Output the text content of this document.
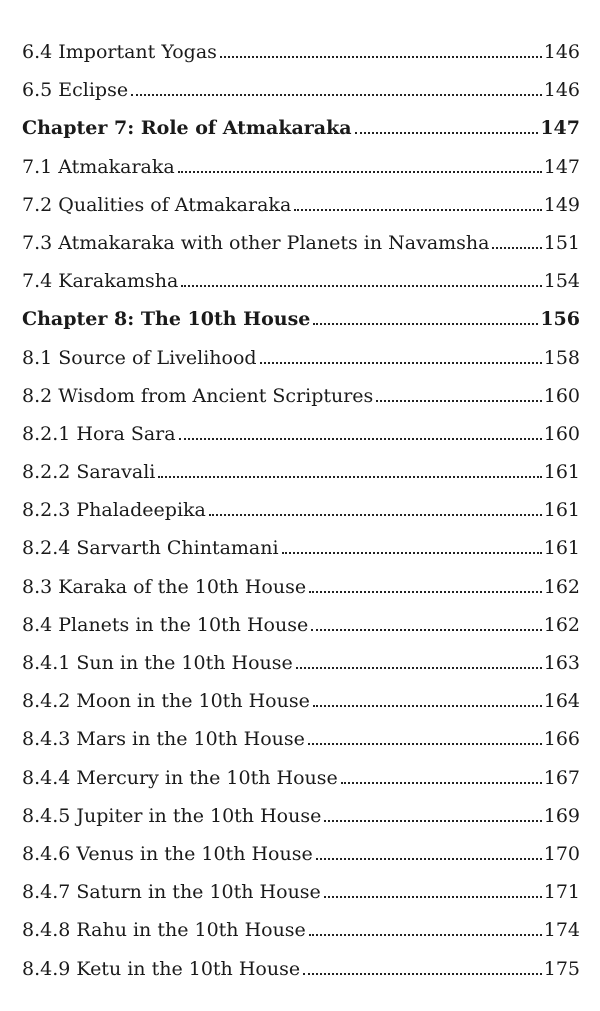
6.4 Important Yogas	146
6.5 Eclipse	146
Chapter 7: Role of Atmakaraka	147
7.1 Atmakaraka	147
7.2 Qualities of Atmakaraka	149
7.3 Atmakaraka with other Planets in Navamsha	151
7.4 Karakamsha	154
Chapter 8: The 10th House	156
8.1 Source of Livelihood	158
8.2 Wisdom from Ancient Scriptures	160
8.2.1 Hora Sara	160
8.2.2 Saravali	161
8.2.3 Phaladeepika	161
8.2.4 Sarvarth Chintamani	161
8.3 Karaka of the 10th House	162
8.4 Planets in the 10th House	162
8.4.1 Sun in the 10th House	163
8.4.2 Moon in the 10th House	164
8.4.3 Mars in the 10th House	166
8.4.4 Mercury in the 10th House	167
8.4.5 Jupiter in the 10th House	169
8.4.6 Venus in the 10th House	170
8.4.7 Saturn in the 10th House	171
8.4.8 Rahu in the 10th House	174
8.4.9 Ketu in the 10th House	175
